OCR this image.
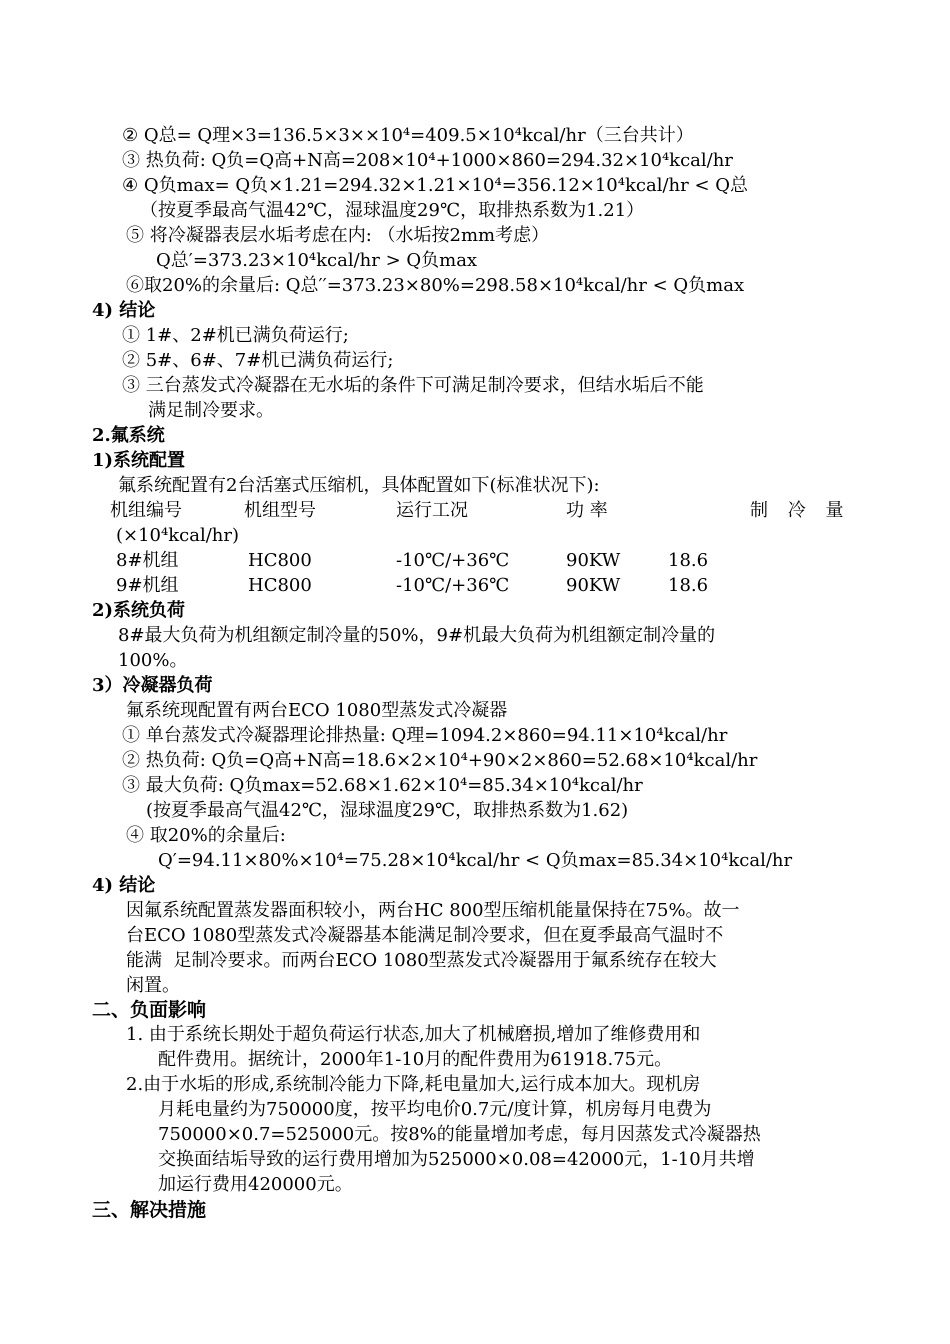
② Q总= Q理×3=136.5×3××10⁴=409.5×10⁴kcal/hr（三台共计）
③ 热负荷: Q负=Q高+N高=208×10⁴+1000×860=294.32×10⁴kcal/hr
④ Q负max= Q负×1.21=294.32×1.21×10⁴=356.12×10⁴kcal/hr < Q总
（按夏季最高气温42℃，湿球温度29℃，取排热系数为1.21）
⑤ 将冷凝器表层水垢考虑在内: （水垢按2mm考虑）
Q总′=373.23×10⁴kcal/hr > Q负max
⑥取20%的余量后: Q总′′=373.23×80%=298.58×10⁴kcal/hr < Q负max
4) 结论
① 1#、2#机已满负荷运行;
② 5#、6#、7#机已满负荷运行;
③ 三台蒸发式冷凝器在无水垢的条件下可满足制冷要求，但结水垢后不能
满足制冷要求。
2.氟系统
1)系统配置
氟系统配置有2台活塞式压缩机，具体配置如下(标准状况下):
机组编号	机组型号	运行工况	功 率	制 冷 量
(×10⁴kcal/hr)
8#机组	HC800	-10℃/+36℃	90KW	18.6
9#机组	HC800	-10℃/+36℃	90KW	18.6
2)系统负荷
8#最大负荷为机组额定制冷量的50%，9#机最大负荷为机组额定制冷量的
100%。
3）冷凝器负荷
氟系统现配置有两台ECO 1080型蒸发式冷凝器
① 单台蒸发式冷凝器理论排热量: Q理=1094.2×860=94.11×10⁴kcal/hr
② 热负荷: Q负=Q高+N高=18.6×2×10⁴+90×2×860=52.68×10⁴kcal/hr
③ 最大负荷: Q负max=52.68×1.62×10⁴=85.34×10⁴kcal/hr
(按夏季最高气温42℃，湿球温度29℃，取排热系数为1.62)
④ 取20%的余量后:
Q′=94.11×80%×10⁴=75.28×10⁴kcal/hr < Q负max=85.34×10⁴kcal/hr
4) 结论
因氟系统配置蒸发器面积较小，两台HC 800型压缩机能量保持在75%。故一
台ECO 1080型蒸发式冷凝器基本能满足制冷要求，但在夏季最高气温时不
能满  足制冷要求。而两台ECO 1080型蒸发式冷凝器用于氟系统存在较大
闲置。
二、负面影响
1. 由于系统长期处于超负荷运行状态,加大了机械磨损,增加了维修费用和
配件费用。据统计，2000年1-10月的配件费用为61918.75元。
2.由于水垢的形成,系统制冷能力下降,耗电量加大,运行成本加大。现机房
月耗电量约为750000度，按平均电价0.7元/度计算，机房每月电费为
750000×0.7=525000元。按8%的能量增加考虑，每月因蒸发式冷凝器热
交换面结垢导致的运行费用增加为525000×0.08=42000元，1-10月共增
加运行费用420000元。
三、解决措施
